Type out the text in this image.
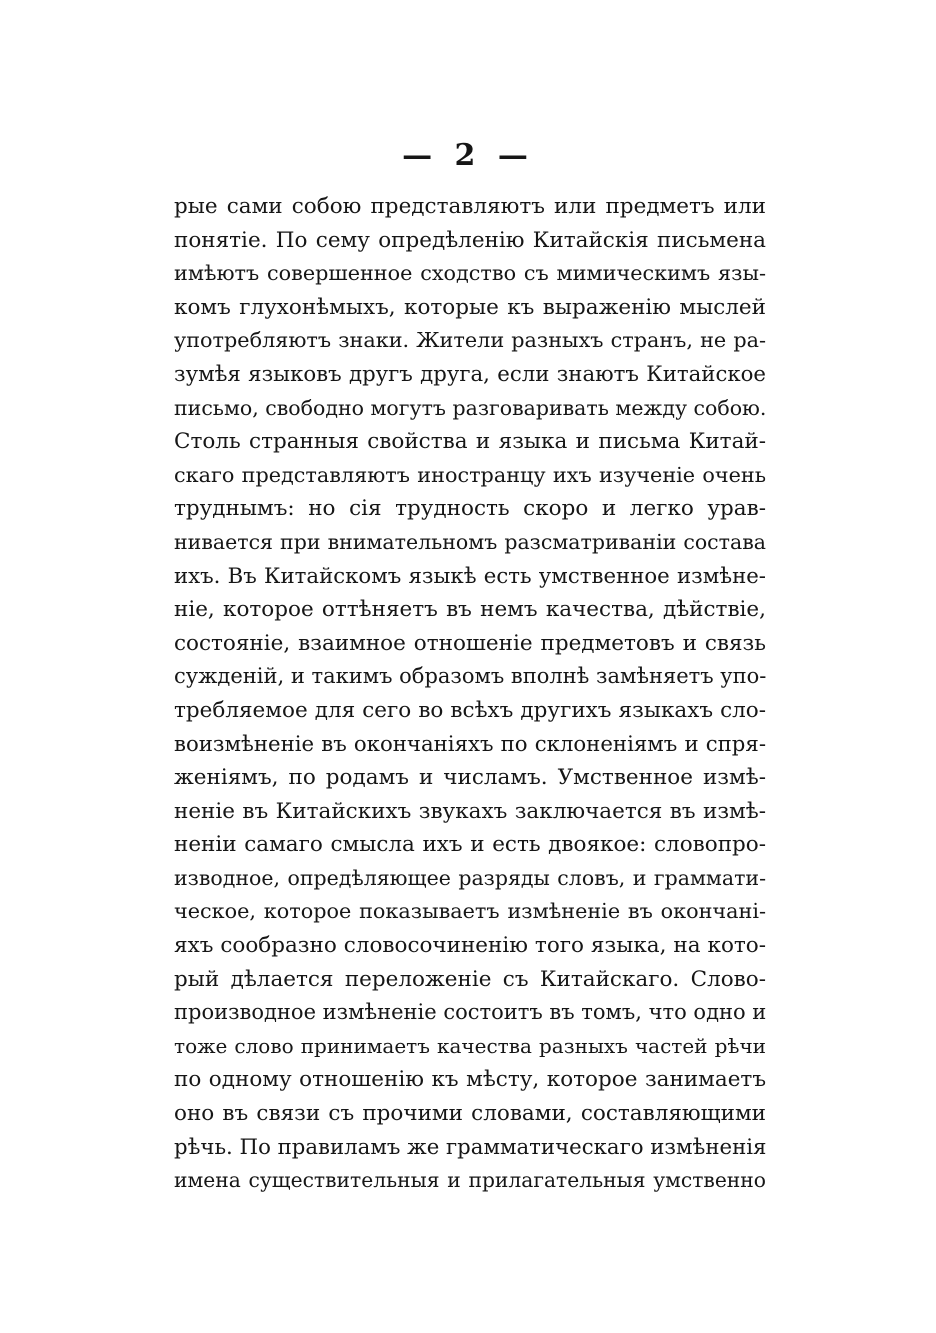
— 2 —
рые сами собою представляютъ или предметъ или
понятіе. По сему опредѣленію Китайскія письмена
имѣютъ совершенное сходство съ мимическимъ язы-
комъ глухонѣмыхъ, которые къ выраженію мыслей
употребляютъ знаки. Жители разныхъ странъ, не ра-
зумѣя языковъ другъ друга, если знаютъ Китайское
письмо, свободно могутъ разговаривать между собою.
Столь странныя свойства и языка и письма Китай-
скаго представляютъ иностранцу ихъ изученіе очень
труднымъ: но сія трудность скоро и легко урав-
нивается при внимательномъ разсматриваніи состава
ихъ. Въ Китайскомъ языкѣ есть умственное измѣне-
ніе, которое оттѣняетъ въ немъ качества, дѣйствіе,
состояніе, взаимное отношеніе предметовъ и связь
сужденій, и такимъ образомъ вполнѣ замѣняетъ упо-
требляемое для сего во всѣхъ другихъ языкахъ сло-
воизмѣненіе въ окончаніяхъ по склоненіямъ и спря-
женіямъ, по родамъ и числамъ. Умственное измѣ-
неніе въ Китайскихъ звукахъ заключается въ измѣ-
неніи самаго смысла ихъ и есть двоякое: словопро-
изводное, опредѣляющее разряды словъ, и граммати-
ческое, которое показываетъ измѣненіе въ окончані-
яхъ сообразно словосочиненію того языка, на кото-
рый дѣлается переложеніе съ Китайскаго. Слово-
производное измѣненіе состоитъ въ томъ, что одно и
тоже слово принимаетъ качества разныхъ частей рѣчи
по одному отношенію къ мѣсту, которое занимаетъ
оно въ связи съ прочими словами, составляющими
рѣчь. По правиламъ же грамматическаго измѣненія
имена существительныя и прилагательныя умственно
